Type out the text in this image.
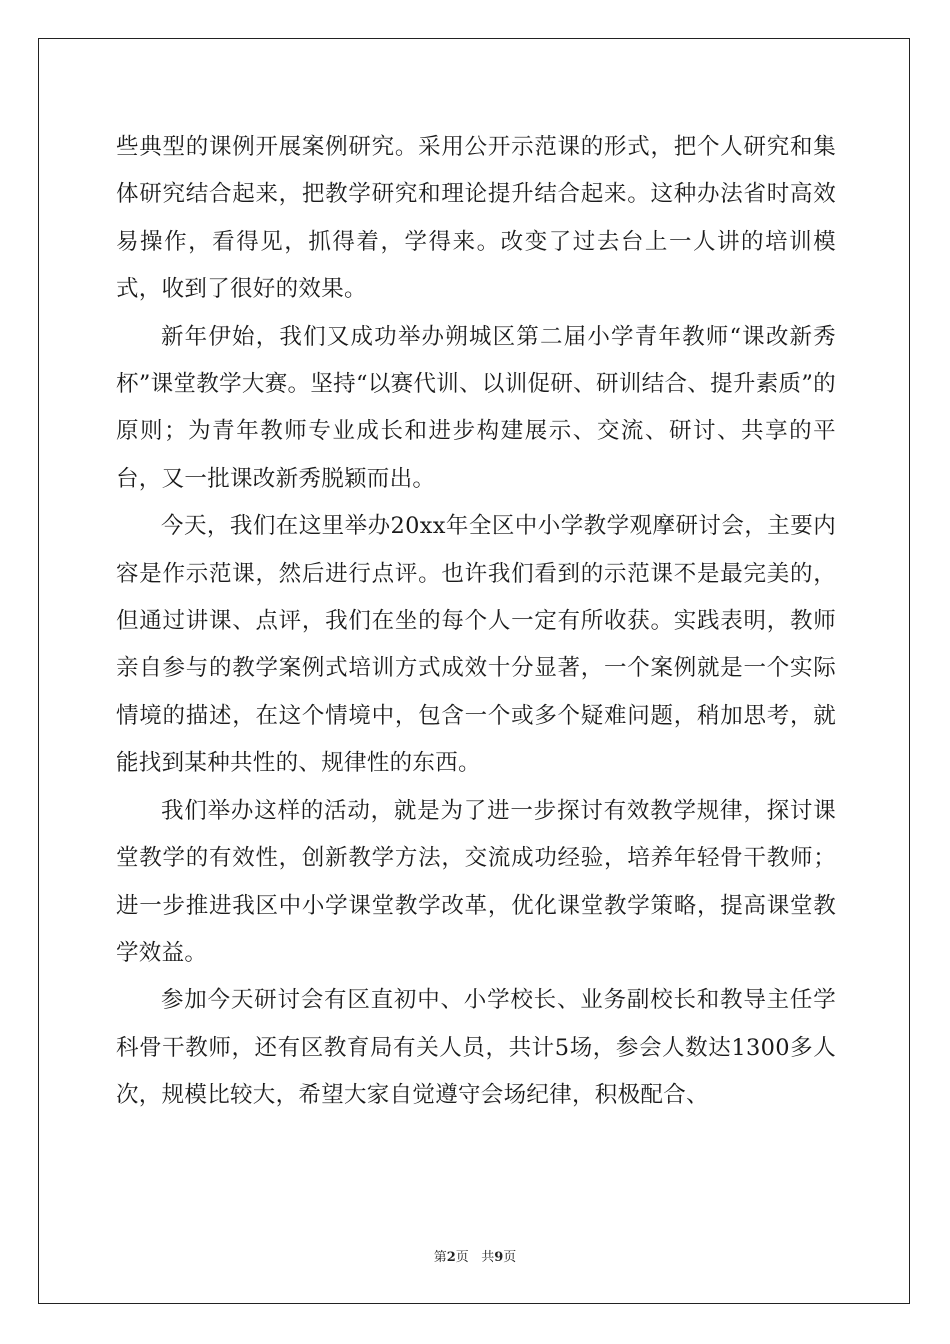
些典型的课例开展案例研究。采用公开示范课的形式，把个人研究和集体研究结合起来，把教学研究和理论提升结合起来。这种办法省时高效易操作，看得见，抓得着，学得来。改变了过去台上一人讲的培训模式，收到了很好的效果。

新年伊始，我们又成功举办朔城区第二届小学青年教师“课改新秀杯”课堂教学大赛。坚持“以赛代训、以训促研、研训结合、提升素质”的原则；为青年教师专业成长和进步构建展示、交流、研讨、共享的平台，又一批课改新秀脱颖而出。

今天，我们在这里举办20xx年全区中小学教学观摩研讨会，主要内容是作示范课，然后进行点评。也许我们看到的示范课不是最完美的，但通过讲课、点评，我们在坐的每个人一定有所收获。实践表明，教师亲自参与的教学案例式培训方式成效十分显著，一个案例就是一个实际情境的描述，在这个情境中，包含一个或多个疑难问题，稍加思考，就能找到某种共性的、规律性的东西。

我们举办这样的活动，就是为了进一步探讨有效教学规律，探讨课堂教学的有效性，创新教学方法，交流成功经验，培养年轻骨干教师；进一步推进我区中小学课堂教学改革，优化课堂教学策略，提高课堂教学效益。

参加今天研讨会有区直初中、小学校长、业务副校长和教导主任学科骨干教师，还有区教育局有关人员，共计5场，参会人数达1300多人次，规模比较大，希望大家自觉遵守会场纪律，积极配合、

第2页   共9页
